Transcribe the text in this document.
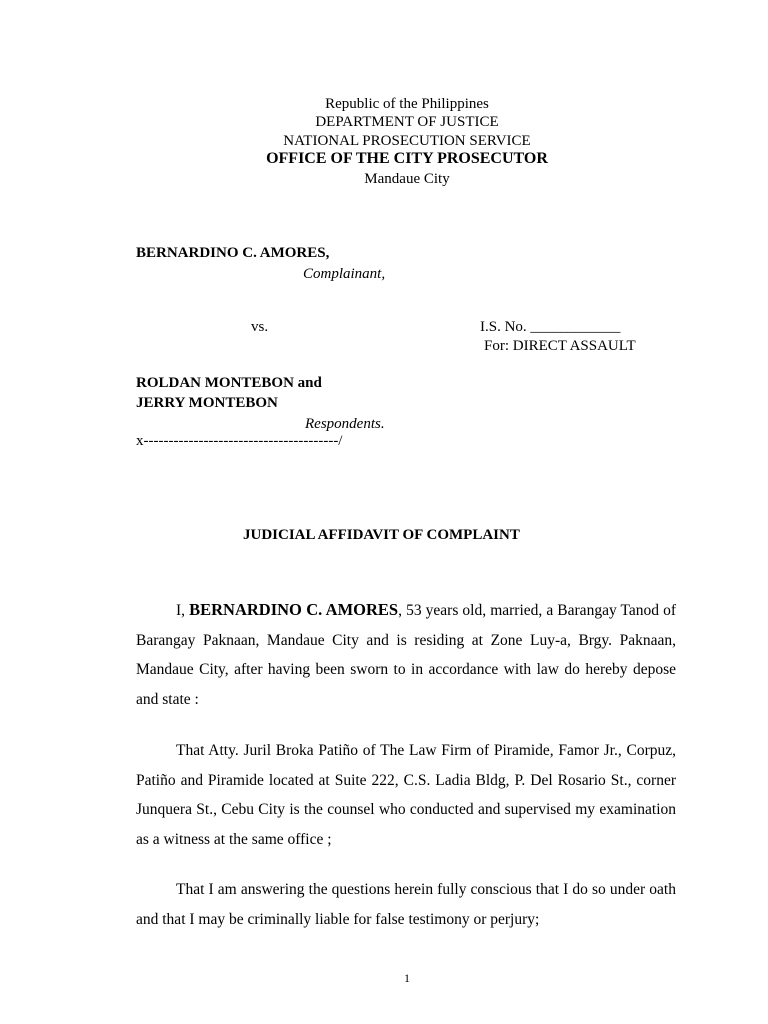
Republic of the Philippines
DEPARTMENT OF JUSTICE
NATIONAL PROSECUTION SERVICE
OFFICE OF THE CITY PROSECUTOR
Mandaue City
BERNARDINO C. AMORES,
Complainant,
vs.	I.S. No. ____________
For: DIRECT ASSAULT
ROLDAN MONTEBON and
JERRY MONTEBON
Respondents.
x---------------------------------------/
JUDICIAL AFFIDAVIT OF COMPLAINT

I, BERNARDINO C. AMORES, 53 years old, married, a Barangay Tanod of Barangay Paknaan, Mandaue City and is residing at Zone Luy-a, Brgy. Paknaan, Mandaue City, after having been sworn to in accordance with law do hereby depose and state :

That Atty. Juril Broka Patiño of The Law Firm of Piramide, Famor Jr., Corpuz, Patiño and Piramide located at Suite 222, C.S. Ladia Bldg, P. Del Rosario St., corner Junquera St., Cebu City is the counsel who conducted and supervised my examination as a witness at the same office ;

That I am answering the questions herein fully conscious that I do so under oath and that I may be criminally liable for false testimony or perjury;

1
